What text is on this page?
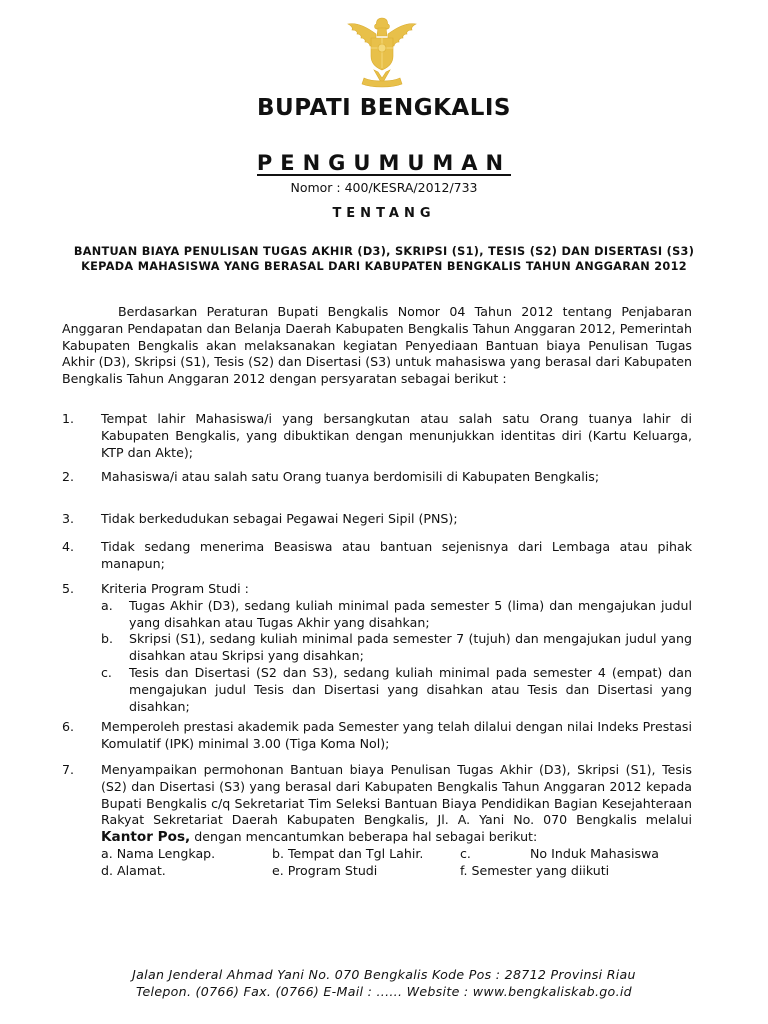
BUPATI BENGKALIS
PENGUMUMAN
Nomor : 400/KESRA/2012/733
TENTANG
BANTUAN BIAYA PENULISAN TUGAS AKHIR (D3), SKRIPSI (S1), TESIS (S2) DAN DISERTASI (S3) KEPADA MAHASISWA YANG BERASAL DARI KABUPATEN BENGKALIS TAHUN ANGGARAN 2012
Berdasarkan Peraturan Bupati Bengkalis Nomor 04 Tahun 2012 tentang Penjabaran Anggaran Pendapatan dan Belanja Daerah Kabupaten Bengkalis Tahun Anggaran 2012, Pemerintah Kabupaten Bengkalis akan melaksanakan kegiatan Penyediaan Bantuan biaya Penulisan Tugas Akhir (D3), Skripsi (S1), Tesis (S2) dan Disertasi (S3) untuk mahasiswa yang berasal dari Kabupaten Bengkalis Tahun Anggaran 2012 dengan persyaratan sebagai berikut :
1.	Tempat lahir Mahasiswa/i yang bersangkutan atau salah satu Orang tuanya lahir di Kabupaten Bengkalis, yang dibuktikan dengan menunjukkan identitas diri (Kartu Keluarga, KTP dan Akte);
2.	Mahasiswa/i atau salah satu Orang tuanya berdomisili di Kabupaten Bengkalis;
3.	Tidak berkedudukan sebagai Pegawai Negeri Sipil (PNS);
4.	Tidak sedang menerima Beasiswa atau bantuan sejenisnya dari Lembaga atau pihak manapun;
5.	Kriteria Program Studi :
a.	Tugas Akhir (D3), sedang kuliah minimal pada semester 5 (lima) dan mengajukan judul yang disahkan atau Tugas Akhir yang disahkan;
b.	Skripsi (S1), sedang kuliah minimal pada semester 7 (tujuh) dan mengajukan judul yang disahkan atau Skripsi yang disahkan;
c.	Tesis dan Disertasi (S2 dan S3), sedang kuliah minimal pada semester 4 (empat) dan mengajukan judul Tesis dan Disertasi yang disahkan atau Tesis dan Disertasi yang disahkan;
6.	Memperoleh prestasi akademik pada Semester yang telah dilalui dengan nilai Indeks Prestasi Komulatif (IPK) minimal 3.00 (Tiga Koma Nol);
7.	Menyampaikan permohonan Bantuan biaya Penulisan Tugas Akhir (D3), Skripsi (S1), Tesis (S2) dan Disertasi (S3) yang berasal dari Kabupaten Bengkalis Tahun Anggaran 2012 kepada Bupati Bengkalis c/q Sekretariat Tim Seleksi Bantuan Biaya Pendidikan Bagian Kesejahteraan Rakyat Sekretariat Daerah Kabupaten Bengkalis, Jl. A. Yani No. 070 Bengkalis melalui Kantor Pos, dengan mencantumkan beberapa hal sebagai berikut:
a. Nama Lengkap.	b. Tempat dan Tgl Lahir.	c.	No Induk Mahasiswa
d. Alamat.	e. Program Studi	f. Semester yang diikuti
Jalan Jenderal Ahmad Yani No. 070 Bengkalis Kode Pos : 28712 Provinsi Riau
Telepon. (0766) Fax. (0766) E-Mail : ...... Website : www.bengkaliskab.go.id
